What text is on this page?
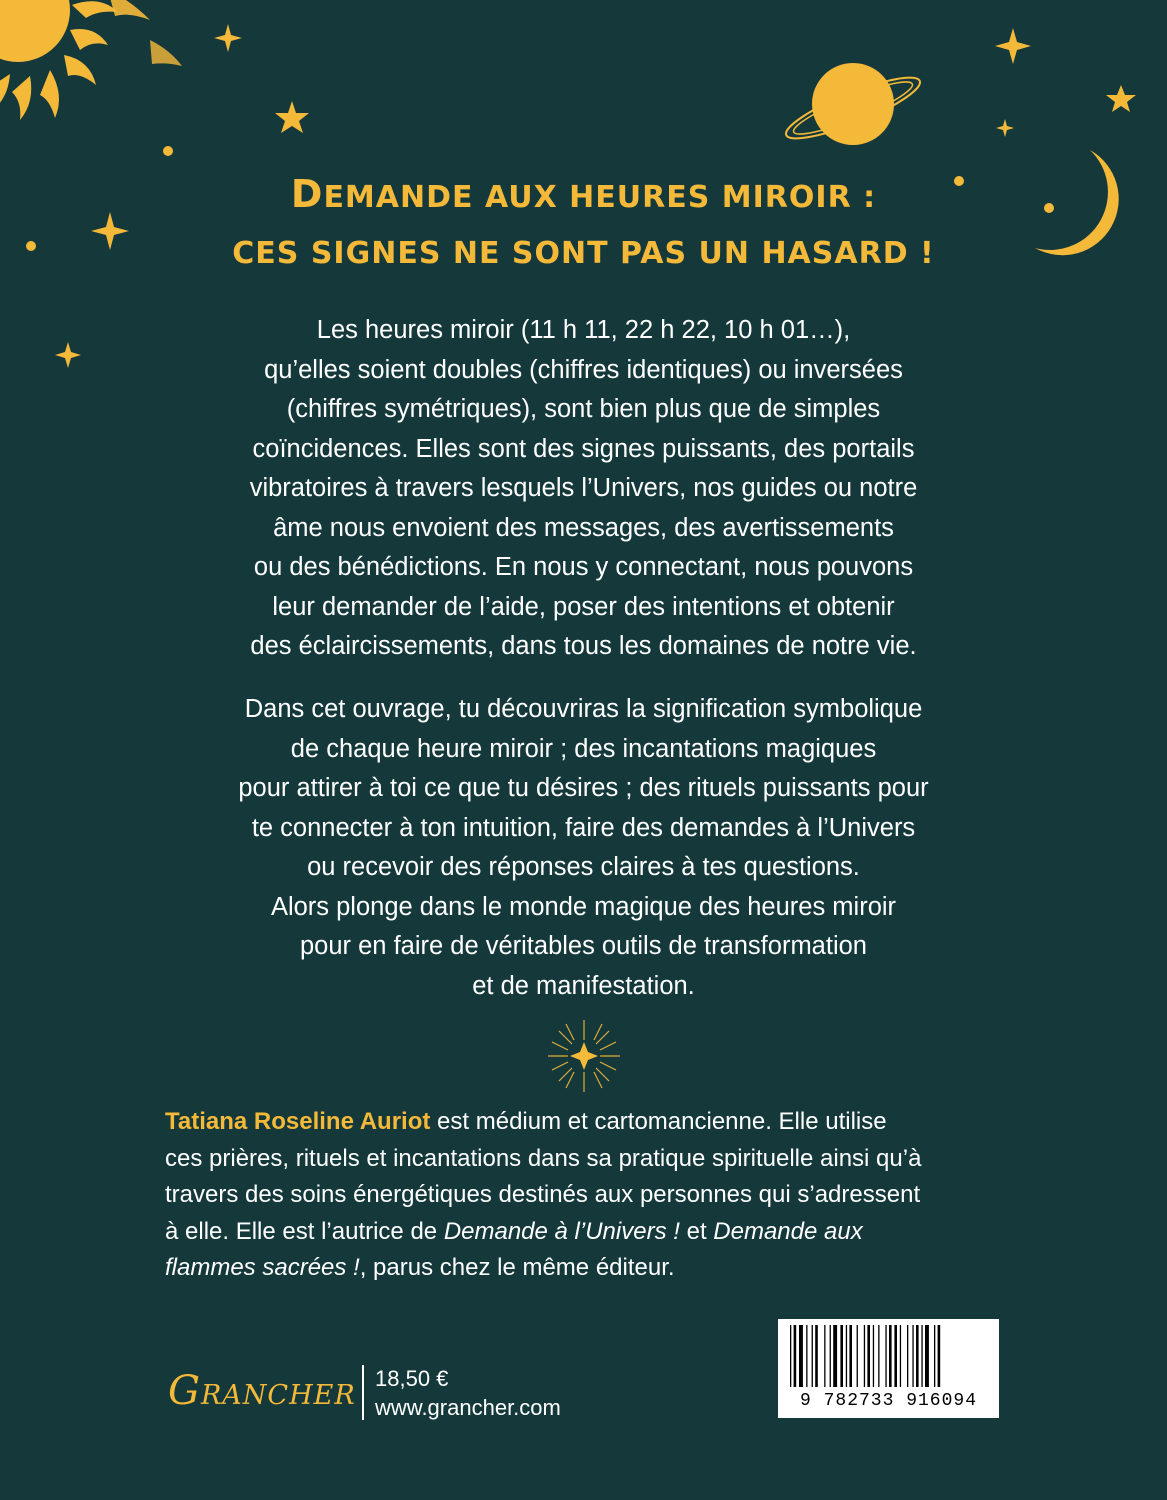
DEMANDE AUX HEURES MIROIR :
CES SIGNES NE SONT PAS UN HASARD !

Les heures miroir (11 h 11, 22 h 22, 10 h 01…),
qu’elles soient doubles (chiffres identiques) ou inversées
(chiffres symétriques), sont bien plus que de simples
coïncidences. Elles sont des signes puissants, des portails
vibratoires à travers lesquels l’Univers, nos guides ou notre
âme nous envoient des messages, des avertissements
ou des bénédictions. En nous y connectant, nous pouvons
leur demander de l’aide, poser des intentions et obtenir
des éclaircissements, dans tous les domaines de notre vie.

Dans cet ouvrage, tu découvriras la signification symbolique
de chaque heure miroir ; des incantations magiques
pour attirer à toi ce que tu désires ; des rituels puissants pour
te connecter à ton intuition, faire des demandes à l’Univers
ou recevoir des réponses claires à tes questions.
Alors plonge dans le monde magique des heures miroir
pour en faire de véritables outils de transformation
et de manifestation.

Tatiana Roseline Auriot est médium et cartomancienne. Elle utilise
ces prières, rituels et incantations dans sa pratique spirituelle ainsi qu’à
travers des soins énergétiques destinés aux personnes qui s’adressent
à elle. Elle est l’autrice de Demande à l’Univers ! et Demande aux
flammes sacrées !, parus chez le même éditeur.

GRANCHER
18,50 €
www.grancher.com	9 782733 916094
